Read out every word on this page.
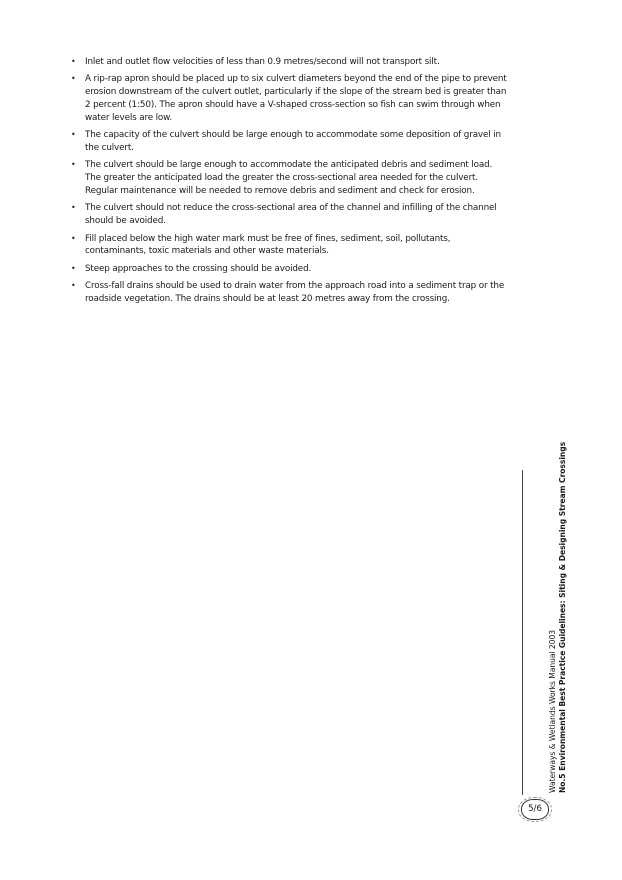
• Inlet and outlet flow velocities of less than 0.9 metres/second will not transport silt.
• A rip-rap apron should be placed up to six culvert diameters beyond the end of the pipe to prevent erosion downstream of the culvert outlet, particularly if the slope of the stream bed is greater than 2 percent (1:50). The apron should have a V-shaped cross-section so fish can swim through when water levels are low.
• The capacity of the culvert should be large enough to accommodate some deposition of gravel in the culvert.
• The culvert should be large enough to accommodate the anticipated debris and sediment load. The greater the anticipated load the greater the cross-sectional area needed for the culvert. Regular maintenance will be needed to remove debris and sediment and check for erosion.
• The culvert should not reduce the cross-sectional area of the channel and infilling of the channel should be avoided.
• Fill placed below the high water mark must be free of fines, sediment, soil, pollutants, contaminants, toxic materials and other waste materials.
• Steep approaches to the crossing should be avoided.
• Cross-fall drains should be used to drain water from the approach road into a sediment trap or the roadside vegetation. The drains should be at least 20 metres away from the crossing.
Waterways & Wetlands Works Manual 2003 No.5 Environmental Best Practice Guidelines: Siting & Designing Stream Crossings
5/6
